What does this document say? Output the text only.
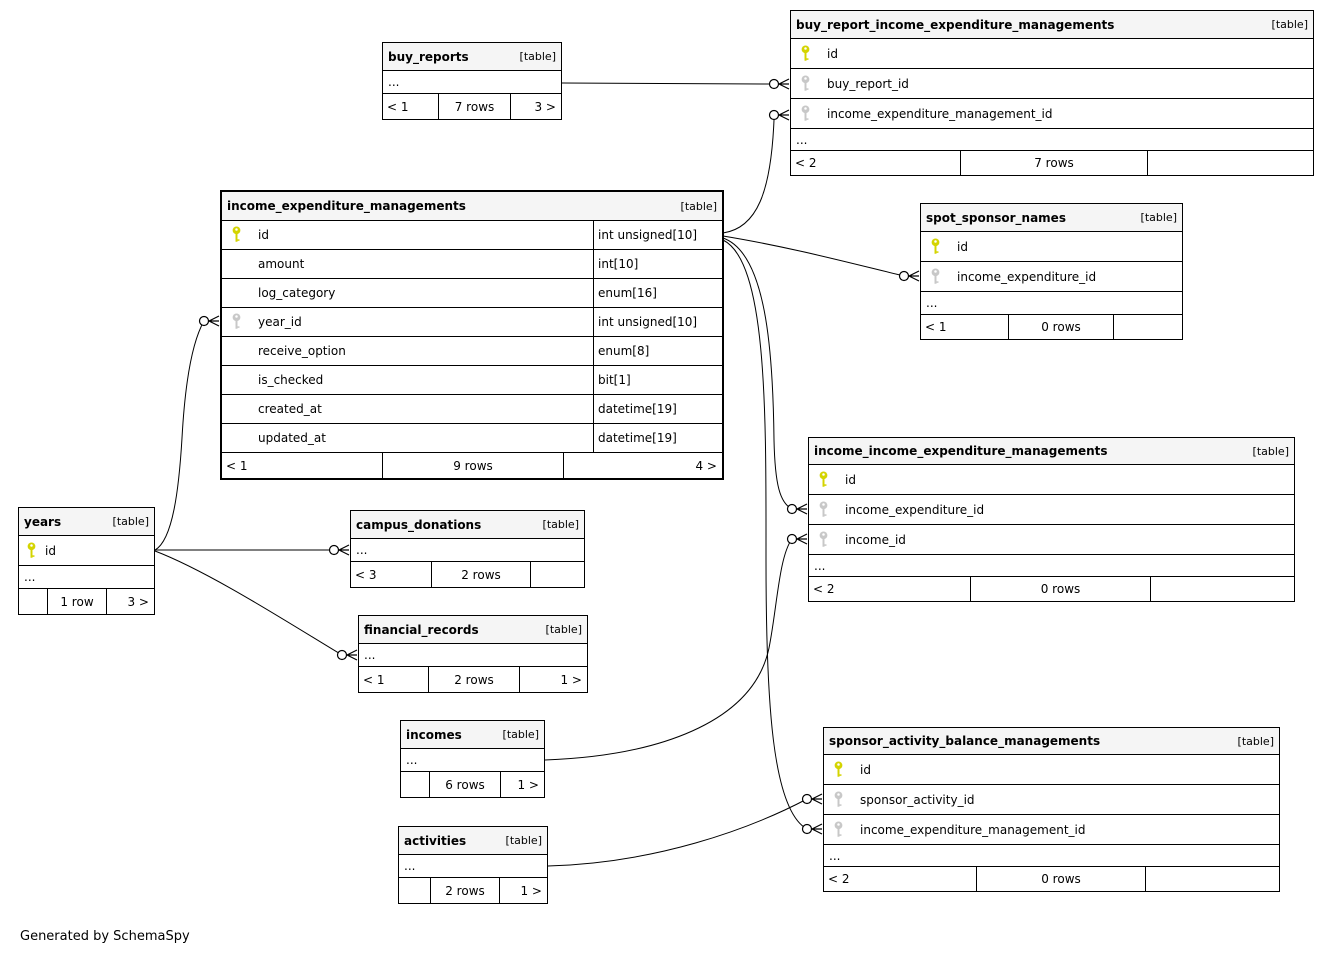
buy_reports	[table]
...
< 1	7 rows	3 >
buy_report_income_expenditure_managements	[table]
id
buy_report_id
income_expenditure_management_id
...
< 2	7 rows
income_expenditure_managements	[table]
id	int unsigned[10]
amount	int[10]
log_category	enum[16]
year_id	int unsigned[10]
receive_option	enum[8]
is_checked	bit[1]
created_at	datetime[19]
updated_at	datetime[19]
< 1	9 rows	4 >
spot_sponsor_names	[table]
id
income_expenditure_id
...
< 1	0 rows
income_income_expenditure_managements	[table]
id
income_expenditure_id
income_id
...
< 2	0 rows
years	[table]
id
...
1 row	3 >
campus_donations	[table]
...
< 3	2 rows
financial_records	[table]
...
< 1	2 rows	1 >
incomes	[table]
...
6 rows	1 >
activities	[table]
...
2 rows	1 >
sponsor_activity_balance_managements	[table]
id
sponsor_activity_id
income_expenditure_management_id
...
< 2	0 rows
Generated by SchemaSpy
